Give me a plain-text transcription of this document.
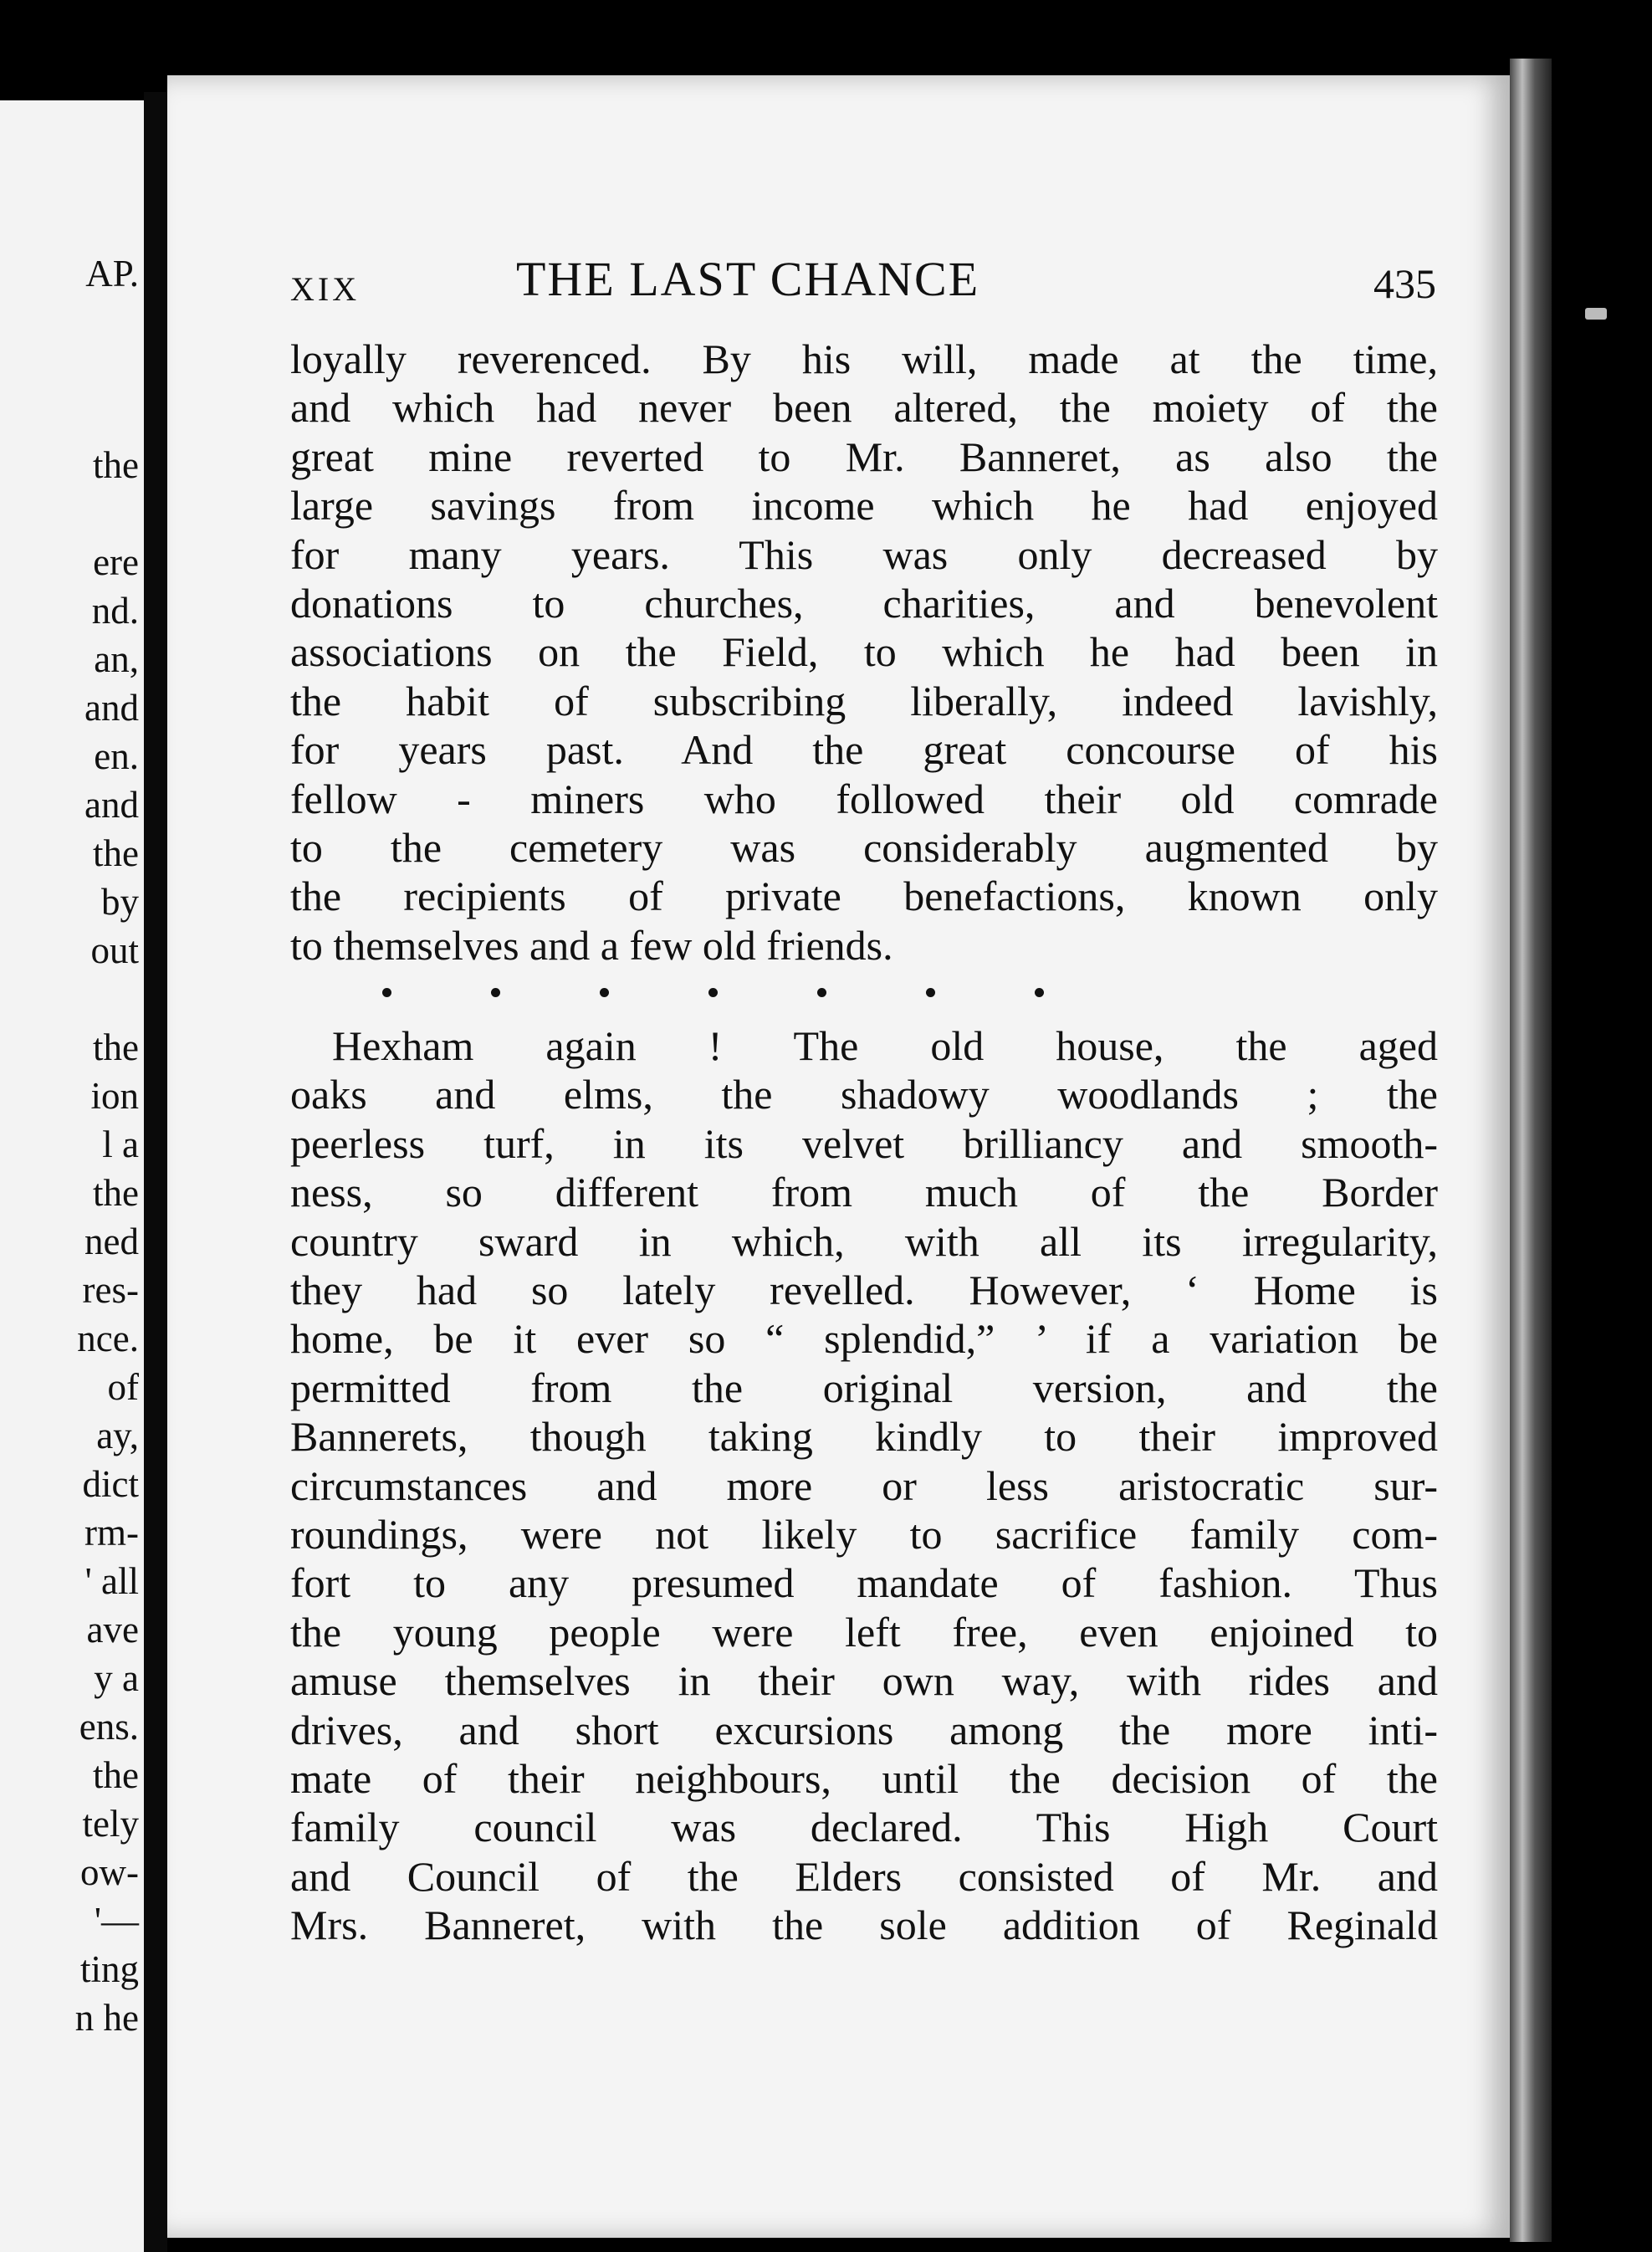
AP.
the
ere
nd.
an,
and
en.
and
the
by
out
the
ion
l a
the
ned
res-
nce.
of
ay,
dict
rm-
' all
ave
y a
ens.
the
tely
ow-
'—
ting
n he
XIX	THE LAST CHANCE	435
loyally reverenced. By his will, made at the time,
and which had never been altered, the moiety of the
great mine reverted to Mr. Banneret, as also the
large savings from income which he had enjoyed
for many years. This was only decreased by
donations to churches, charities, and benevolent
associations on the Field, to which he had been in
the habit of subscribing liberally, indeed lavishly,
for years past. And the great concourse of his
fellow - miners who followed their old comrade
to the cemetery was considerably augmented by
the recipients of private benefactions, known only
to themselves and a few old friends.
Hexham again ! The old house, the aged
oaks and elms, the shadowy woodlands ; the
peerless turf, in its velvet brilliancy and smooth-
ness, so different from much of the Border
country sward in which, with all its irregularity,
they had so lately revelled. However, ‘ Home is
home, be it ever so “ splendid,” ’ if a variation be
permitted from the original version, and the
Bannerets, though taking kindly to their improved
circumstances and more or less aristocratic sur-
roundings, were not likely to sacrifice family com-
fort to any presumed mandate of fashion. Thus
the young people were left free, even enjoined to
amuse themselves in their own way, with rides and
drives, and short excursions among the more inti-
mate of their neighbours, until the decision of the
family council was declared. This High Court
and Council of the Elders consisted of Mr. and
Mrs. Banneret, with the sole addition of Reginald
